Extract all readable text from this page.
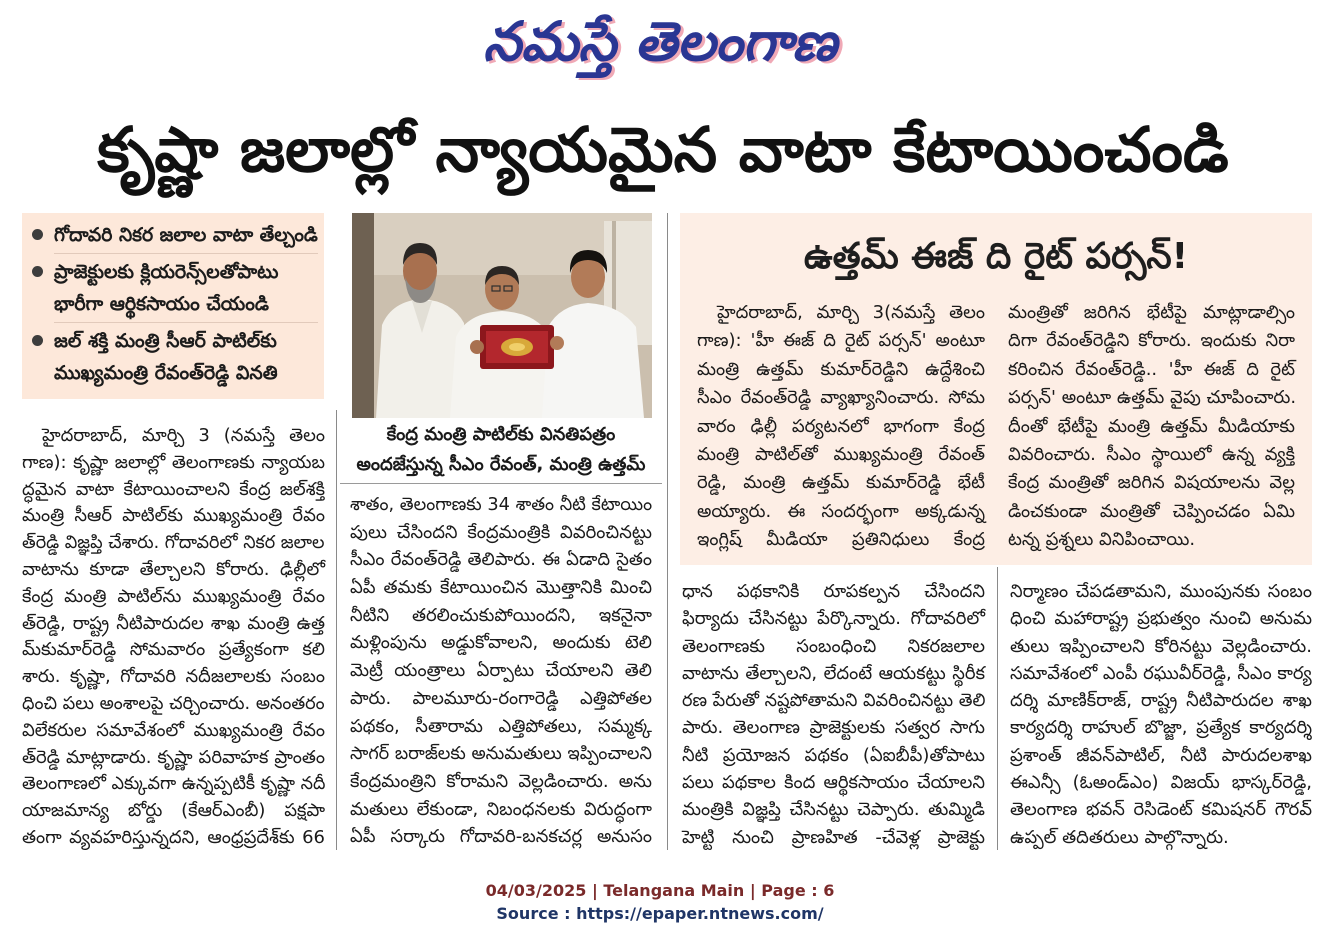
నమస్తే తెలంగాణ
కృష్ణా జలాల్లో న్యాయమైన వాటా కేటాయించండి
గోదావరి నికర జలాల వాటా తేల్చండి
ప్రాజెక్టులకు క్లియరెన్స్‌లతోపాటు
భారీగా ఆర్థికసాయం చేయండి
జల్ శక్తి మంత్రి సీఆర్ పాటిల్‌కు
ముఖ్యమంత్రి రేవంత్‌రెడ్డి వినతి
కేంద్ర మంత్రి పాటిల్‌కు వినతిపత్రం
అందజేస్తున్న సీఎం రేవంత్, మంత్రి ఉత్తమ్
ఉత్తమ్ ఈజ్ ది రైట్ పర్సన్!
హైదరాబాద్, మార్చి 3(నమస్తే తెలం
గాణ): 'హీ ఈజ్ ది రైట్ పర్సన్' అంటూ
మంత్రి ఉత్తమ్ కుమార్‌రెడ్డిని ఉద్దేశించి
సీఎం రేవంత్‌రెడ్డి వ్యాఖ్యానించారు. సోమ
వారం ఢిల్లీ పర్యటనలో భాగంగా కేంద్ర
మంత్రి పాటిల్‌తో ముఖ్యమంత్రి రేవంత్
రెడ్డి, మంత్రి ఉత్తమ్ కుమార్‌రెడ్డి భేటీ
అయ్యారు. ఈ సందర్భంగా అక్కడున్న
ఇంగ్లిష్ మీడియా ప్రతినిధులు కేంద్ర
మంత్రితో జరిగిన భేటీపై మాట్లాడాల్సిం
దిగా రేవంత్‌రెడ్డిని కోరారు. ఇందుకు నిరా
కరించిన రేవంత్‌రెడ్డి.. 'హీ ఈజ్ ది రైట్
పర్సన్' అంటూ ఉత్తమ్ వైపు చూపించారు.
దీంతో భేటీపై మంత్రి ఉత్తమ్ మీడియాకు
వివరించారు. సీఎం స్థాయిలో ఉన్న వ్యక్తి
కేంద్ర మంత్రితో జరిగిన విషయాలను వెల్ల
డించకుండా మంత్రితో చెప్పించడం ఏమి
టన్న ప్రశ్నలు వినిపించాయి.
హైదరాబాద్, మార్చి 3 (నమస్తే తెలం
గాణ): కృష్ణా జలాల్లో తెలంగాణకు న్యాయబ
ద్ధమైన వాటా కేటాయించాలని కేంద్ర జల్‌శక్తి
మంత్రి సీఆర్ పాటిల్‌కు ముఖ్యమంత్రి రేవం
త్‌రెడ్డి విజ్ఞప్తి చేశారు. గోదావరిలో నికర జలాల
వాటాను కూడా తేల్చాలని కోరారు. ఢిల్లీలో
కేంద్ర మంత్రి పాటిల్‌ను ముఖ్యమంత్రి రేవం
త్‌రెడ్డి, రాష్ట్ర నీటిపారుదల శాఖ మంత్రి ఉత్త
మ్‌కుమార్‌రెడ్డి సోమవారం ప్రత్యేకంగా కలి
శారు. కృష్ణా, గోదావరి నదీజలాలకు సంబం
ధించి పలు అంశాలపై చర్చించారు. అనంతరం
విలేకరుల సమావేశంలో ముఖ్యమంత్రి రేవం
త్‌రెడ్డి మాట్లాడారు. కృష్ణా పరివాహక ప్రాంతం
తెలంగాణలో ఎక్కువగా ఉన్నప్పటికీ కృష్ణా నదీ
యాజమాన్య బోర్డు (కేఆర్ఎంబీ) పక్షపా
తంగా వ్యవహరిస్తున్నదని, ఆంధ్రప్రదేశ్‌కు 66
శాతం, తెలంగాణకు 34 శాతం నీటి కేటాయిం
పులు చేసిందని కేంద్రమంత్రికి వివరించినట్టు
సీఎం రేవంత్‌రెడ్డి తెలిపారు. ఈ ఏడాది సైతం
ఏపీ తమకు కేటాయించిన మొత్తానికి మించి
నీటిని తరలించుకుపోయిందని, ఇకనైనా
మళ్లింపును అడ్డుకోవాలని, అందుకు టెలి
మెట్రీ యంత్రాలు ఏర్పాటు చేయాలని తెలి
పారు. పాలమూరు-రంగారెడ్డి ఎత్తిపోతల
పథకం, సీతారామ ఎత్తిపోతలు, సమ్మక్క
సాగర్ బరాజ్‌లకు అనుమతులు ఇప్పించాలని
కేంద్రమంత్రిని కోరామని వెల్లడించారు. అను
మతులు లేకుండా, నిబంధనలకు విరుద్ధంగా
ఏపీ సర్కారు గోదావరి-బనకచర్ల అనుసం
ధాన పథకానికి రూపకల్పన చేసిందని
ఫిర్యాదు చేసినట్టు పేర్కొన్నారు. గోదావరిలో
తెలంగాణకు సంబంధించి నికరజలాల
వాటాను తేల్చాలని, లేదంటే ఆయకట్టు స్థిరీక
రణ పేరుతో నష్టపోతామని వివరించినట్టు తెలి
పారు. తెలంగాణ ప్రాజెక్టులకు సత్వర సాగు
నీటి ప్రయోజన పథకం (ఏఐబీపీ)తోపాటు
పలు పథకాల కింద ఆర్థికసాయం చేయాలని
మంత్రికి విజ్ఞప్తి చేసినట్టు చెప్పారు. తుమ్మిడి
హెట్టి నుంచి ప్రాణహిత -చేవెళ్ల ప్రాజెక్టు
నిర్మాణం చేపడతామని, ముంపునకు సంబం
ధించి మహారాష్ట్ర ప్రభుత్వం నుంచి అనుమ
తులు ఇప్పించాలని కోరినట్టు వెల్లడించారు.
సమావేశంలో ఎంపీ రఘువీర్‌రెడ్డి, సీఎం కార్య
దర్శి మాణిక్‌రాజ్, రాష్ట్ర నీటిపారుదల శాఖ
కార్యదర్శి రాహుల్ బొజ్జా, ప్రత్యేక కార్యదర్శి
ప్రశాంత్ జీవన్‌పాటిల్, నీటి పారుదలశాఖ
ఈఎన్సీ (ఓఅండ్ఎం) విజయ్ భాస్కర్‌రెడ్డి,
తెలంగాణ భవన్ రెసిడెంట్ కమిషనర్ గౌరవ్
ఉప్పల్ తదితరులు పాల్గొన్నారు.
04/03/2025 | Telangana Main | Page : 6
Source : https://epaper.ntnews.com/
